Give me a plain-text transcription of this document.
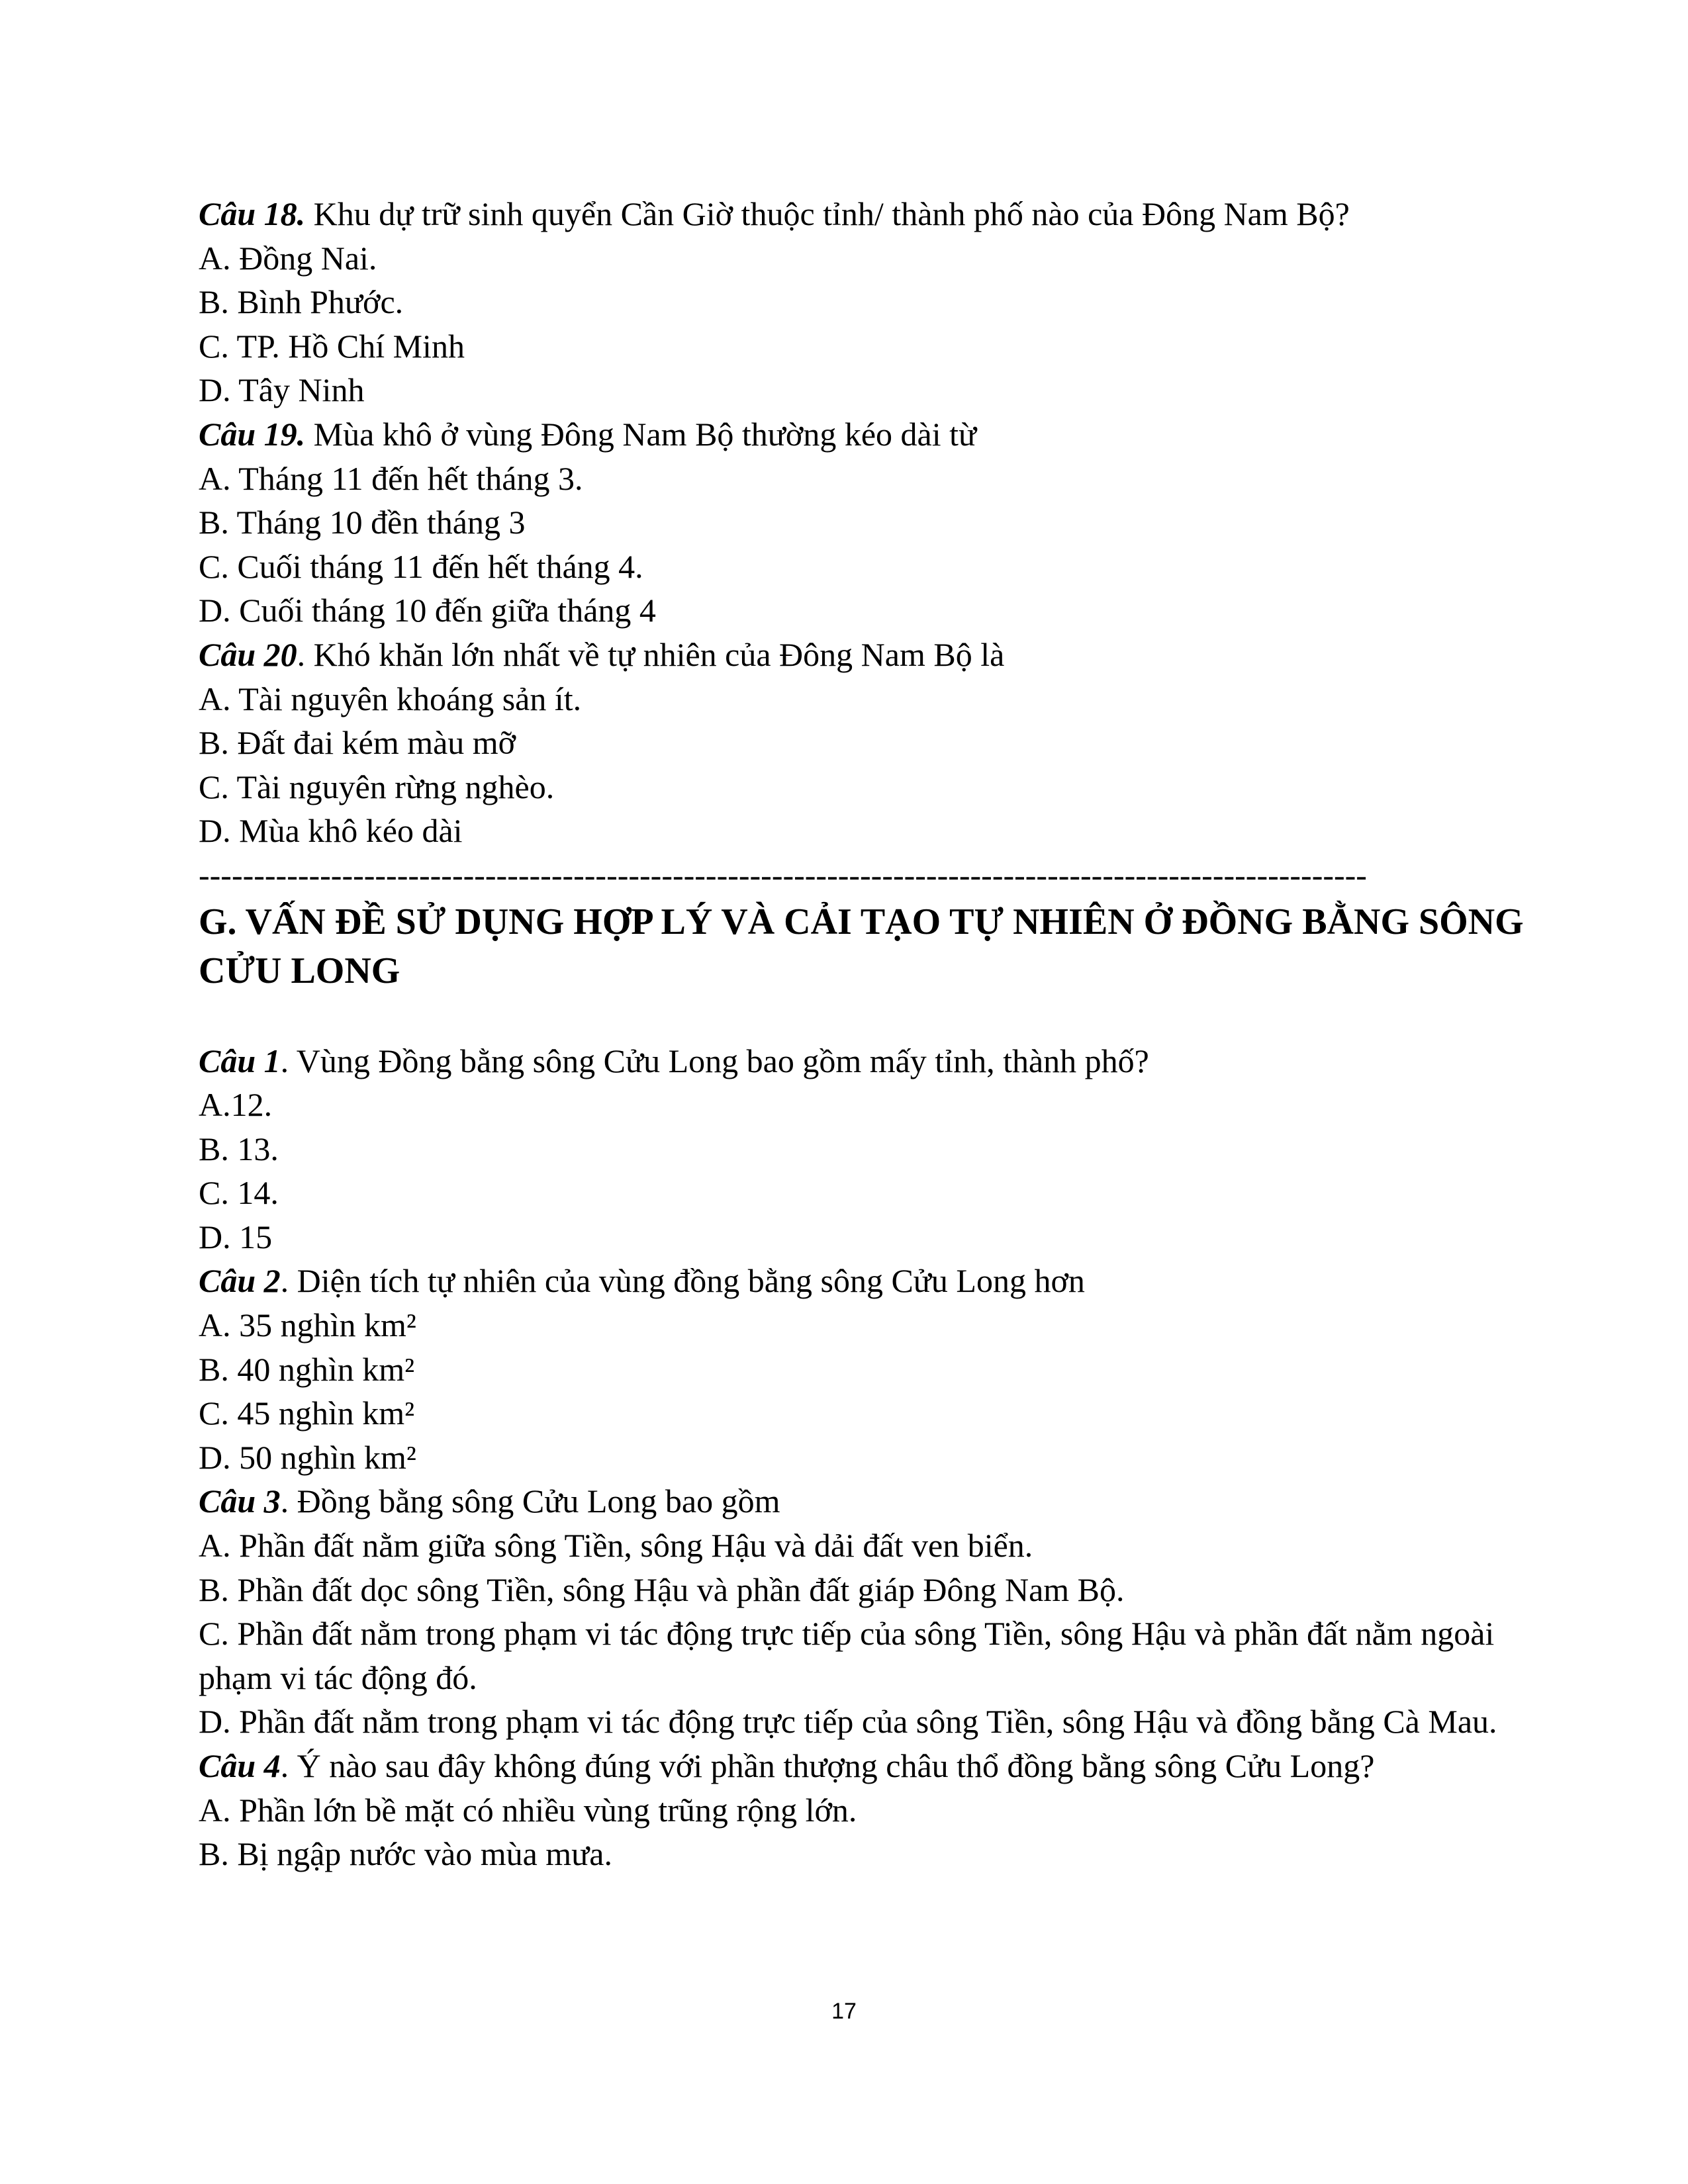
Câu 18. Khu dự trữ sinh quyển Cần Giờ thuộc tỉnh/ thành phố nào của Đông Nam Bộ?
A. Đồng Nai.
B. Bình Phước.
C. TP. Hồ Chí Minh
D. Tây Ninh
Câu 19. Mùa khô ở vùng Đông Nam Bộ thường kéo dài từ
A. Tháng 11 đến hết tháng 3.
B. Tháng 10 đền tháng 3
C. Cuối tháng 11 đến hết tháng 4.
D. Cuối tháng 10 đến giữa tháng 4
Câu 20. Khó khăn lớn nhất về tự nhiên của Đông Nam Bộ là
A. Tài nguyên khoáng sản ít.
B. Đất đai kém màu mỡ
C. Tài nguyên rừng nghèo.
D. Mùa khô kéo dài
----------------------------------------------------------------------------------------------------------
G. VẤN ĐỀ SỬ DỤNG HỢP LÝ VÀ CẢI TẠO TỰ NHIÊN Ở ĐỒNG BẰNG SÔNG CỬU LONG
Câu 1. Vùng Đồng bằng sông Cửu Long bao gồm mấy tỉnh, thành phố?
A.12.
B. 13.
C. 14.
D. 15
Câu 2. Diện tích tự nhiên của vùng đồng bằng sông Cửu Long hơn
A. 35 nghìn km²
B. 40 nghìn km²
C. 45 nghìn km²
D. 50 nghìn km²
Câu 3. Đồng bằng sông Cửu Long bao gồm
A. Phần đất nằm giữa sông Tiền, sông Hậu và dải đất ven biển.
B. Phần đất dọc sông Tiền, sông Hậu và phần đất giáp Đông Nam Bộ.
C. Phần đất nằm trong phạm vi tác động trực tiếp của sông Tiền, sông Hậu và phần đất nằm ngoài phạm vi tác động đó.
D. Phần đất nằm trong phạm vi tác động trực tiếp của sông Tiền, sông Hậu và đồng bằng Cà Mau.
Câu 4. Ý nào sau đây không đúng với phần thượng châu thổ đồng bằng sông Cửu Long?
A. Phần lớn bề mặt có nhiều vùng trũng rộng lớn.
B. Bị ngập nước vào mùa mưa.
17
